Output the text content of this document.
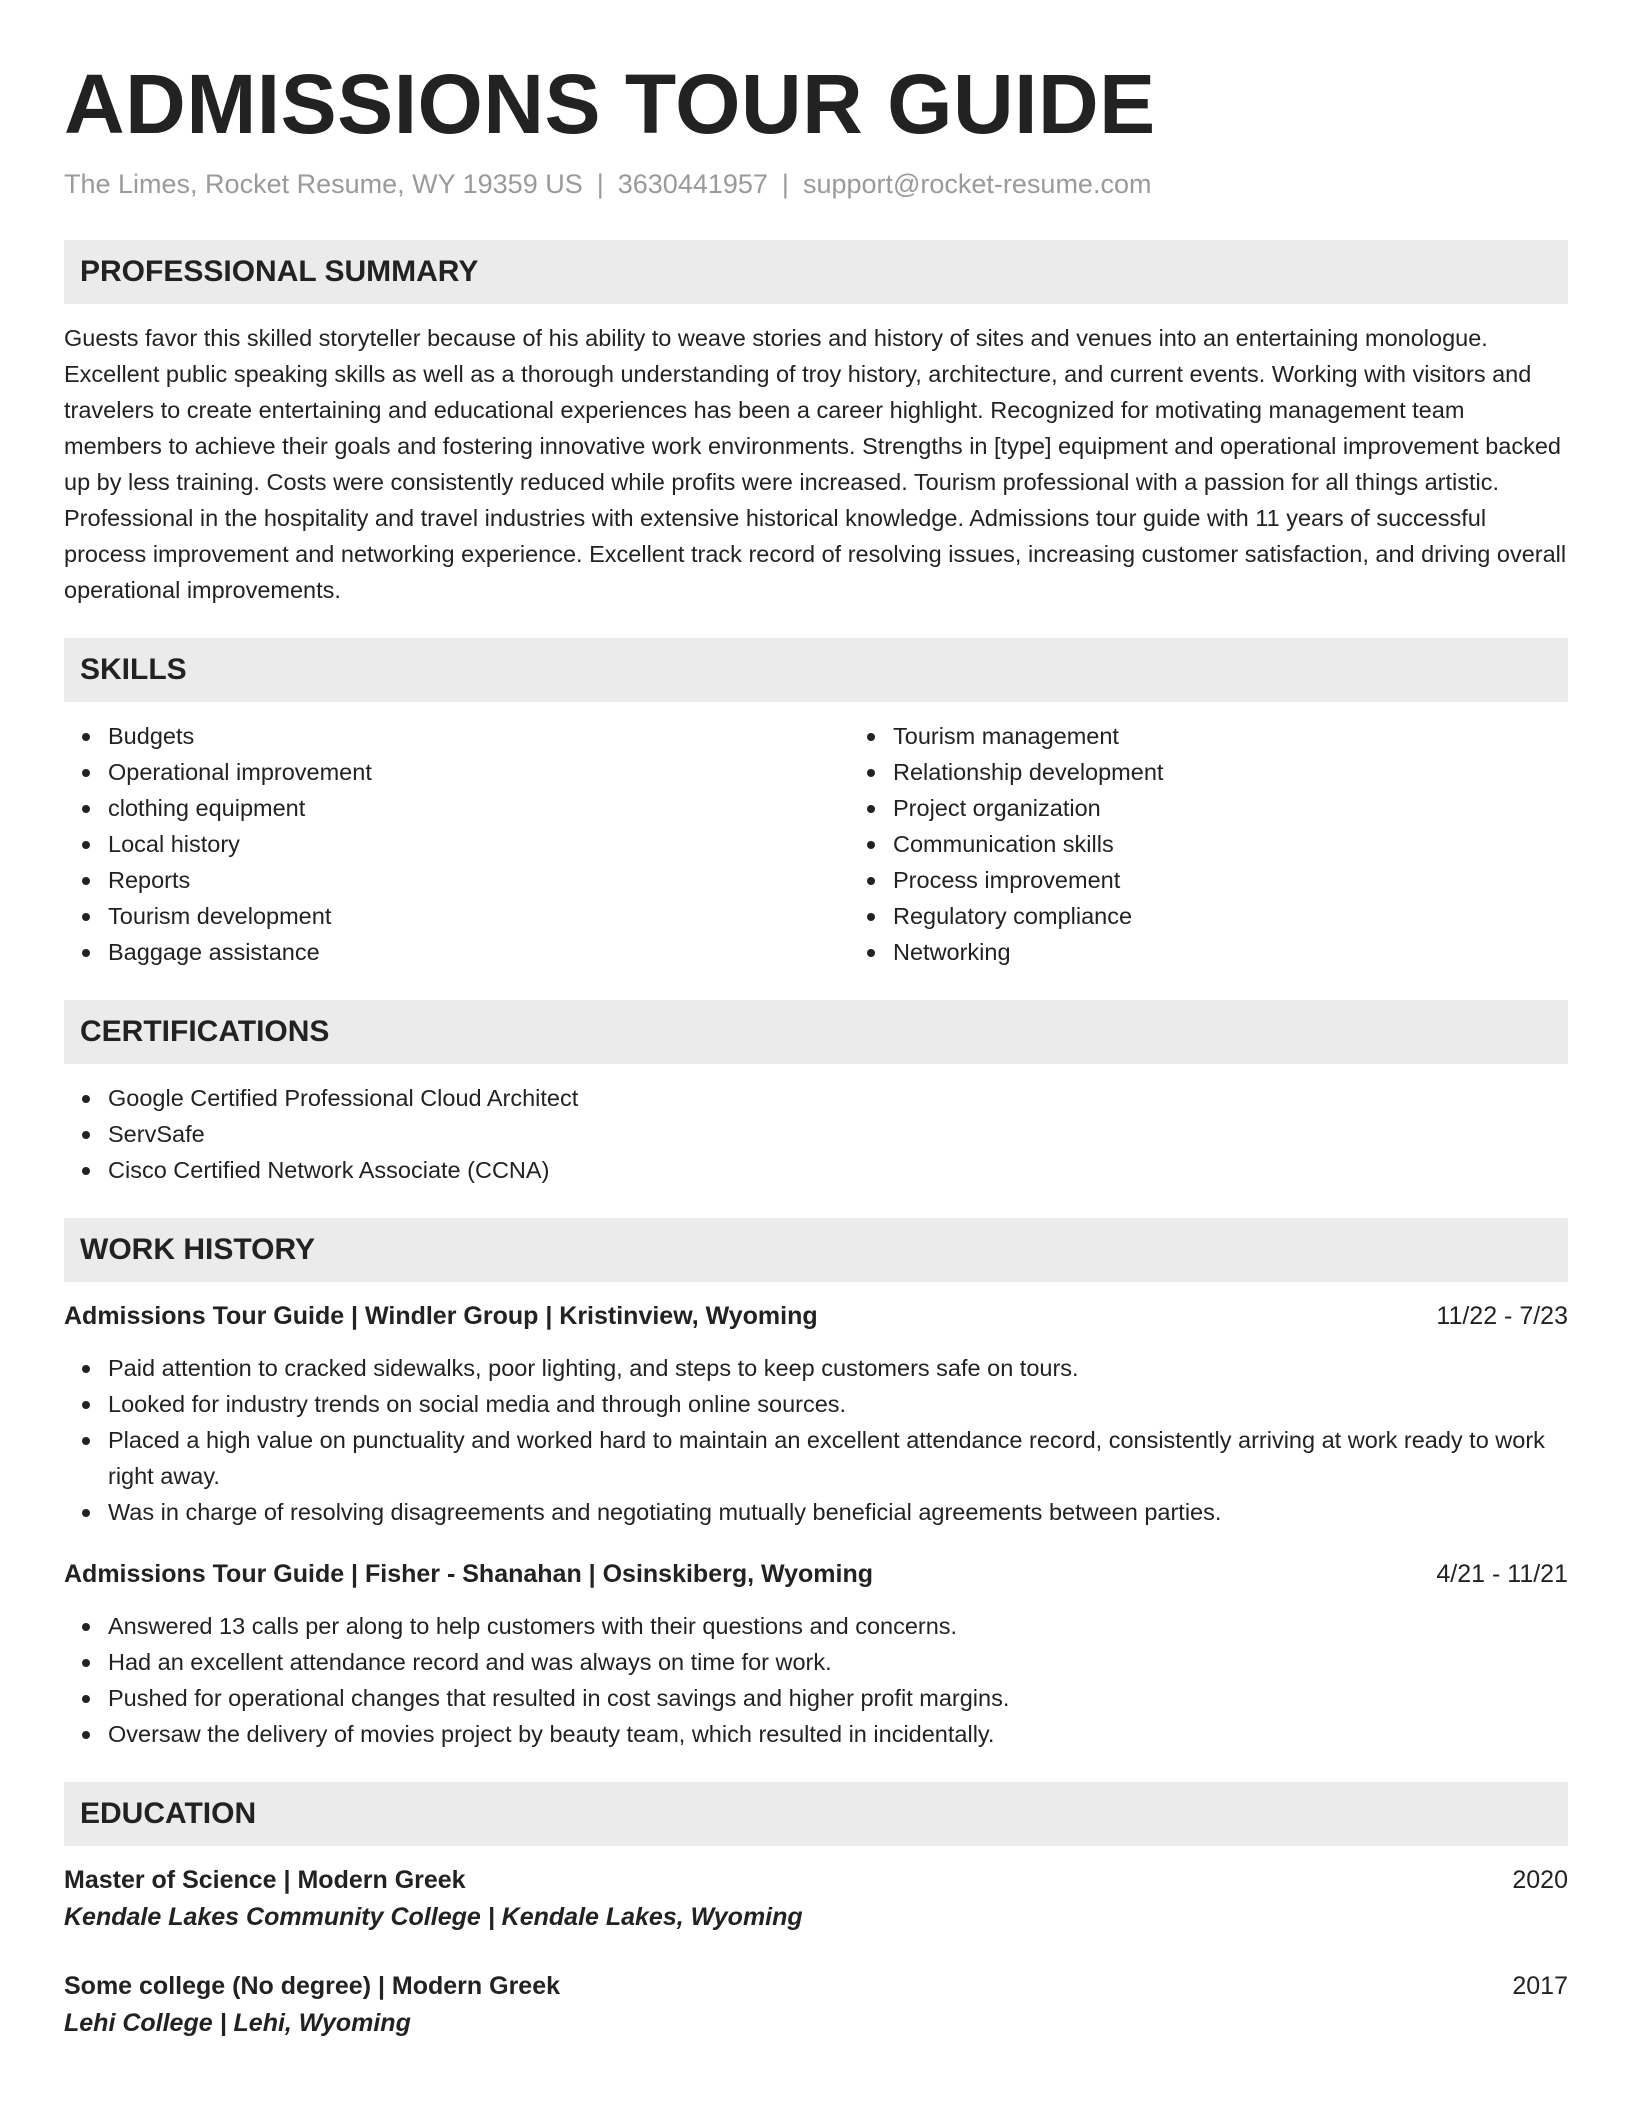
ADMISSIONS TOUR GUIDE
The Limes, Rocket Resume, WY 19359 US | 3630441957 | support@rocket-resume.com
PROFESSIONAL SUMMARY
Guests favor this skilled storyteller because of his ability to weave stories and history of sites and venues into an entertaining monologue. Excellent public speaking skills as well as a thorough understanding of troy history, architecture, and current events. Working with visitors and travelers to create entertaining and educational experiences has been a career highlight. Recognized for motivating management team members to achieve their goals and fostering innovative work environments. Strengths in [type] equipment and operational improvement backed up by less training. Costs were consistently reduced while profits were increased. Tourism professional with a passion for all things artistic. Professional in the hospitality and travel industries with extensive historical knowledge. Admissions tour guide with 11 years of successful process improvement and networking experience. Excellent track record of resolving issues, increasing customer satisfaction, and driving overall operational improvements.
SKILLS
Budgets
Operational improvement
clothing equipment
Local history
Reports
Tourism development
Baggage assistance
Tourism management
Relationship development
Project organization
Communication skills
Process improvement
Regulatory compliance
Networking
CERTIFICATIONS
Google Certified Professional Cloud Architect
ServSafe
Cisco Certified Network Associate (CCNA)
WORK HISTORY
Admissions Tour Guide | Windler Group | Kristinview, Wyoming	11/22 - 7/23
Paid attention to cracked sidewalks, poor lighting, and steps to keep customers safe on tours.
Looked for industry trends on social media and through online sources.
Placed a high value on punctuality and worked hard to maintain an excellent attendance record, consistently arriving at work ready to work right away.
Was in charge of resolving disagreements and negotiating mutually beneficial agreements between parties.
Admissions Tour Guide | Fisher - Shanahan | Osinskiberg, Wyoming	4/21 - 11/21
Answered 13 calls per along to help customers with their questions and concerns.
Had an excellent attendance record and was always on time for work.
Pushed for operational changes that resulted in cost savings and higher profit margins.
Oversaw the delivery of movies project by beauty team, which resulted in incidentally.
EDUCATION
Master of Science | Modern Greek	2020
Kendale Lakes Community College | Kendale Lakes, Wyoming
Some college (No degree) | Modern Greek	2017
Lehi College | Lehi, Wyoming
